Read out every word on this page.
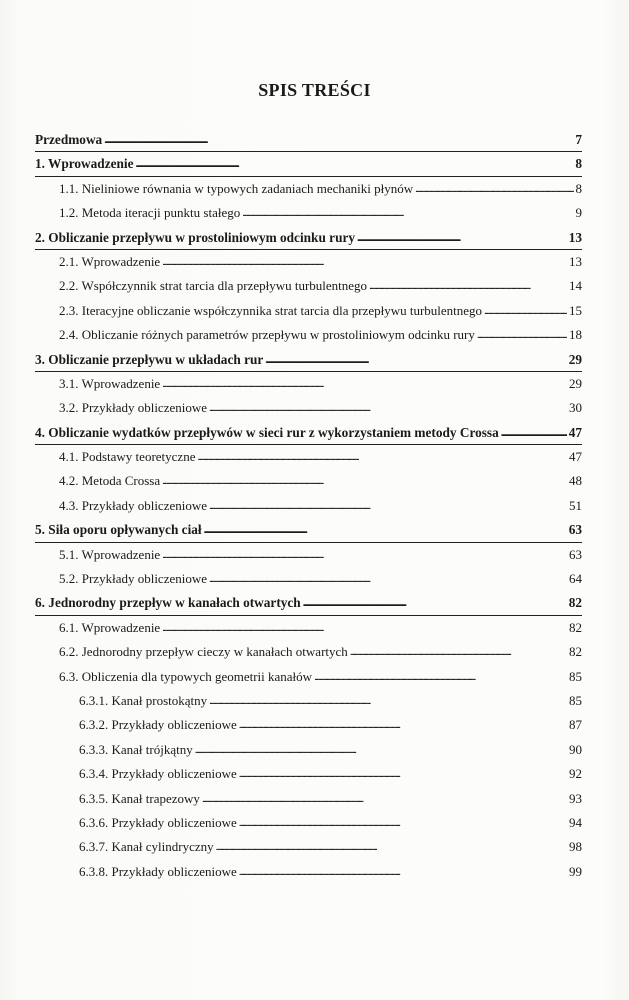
SPIS TREŚCI
Przedmowa . . .	7
1. Wprowadzenie . . .	8
1.1. Nieliniowe równania w typowych zadaniach mechaniki płynów . . .	8
1.2. Metoda iteracji punktu stałego . . .	9
2. Obliczanie przepływu w prostoliniowym odcinku rury . . .	13
2.1. Wprowadzenie . . .	13
2.2. Współczynnik strat tarcia dla przepływu turbulentnego . . .	14
2.3. Iteracyjne obliczanie współczynnika strat tarcia dla przepływu turbulentnego . . .	15
2.4. Obliczanie różnych parametrów przepływu w prostoliniowym odcinku rury . . .	18
3. Obliczanie przepływu w układach rur . . .	29
3.1. Wprowadzenie . . .	29
3.2. Przykłady obliczeniowe . . .	30
4. Obliczanie wydatków przepływów w sieci rur z wykorzystaniem metody Crossa . . .	47
4.1. Podstawy teoretyczne . . .	47
4.2. Metoda Crossa . . .	48
4.3. Przykłady obliczeniowe . . .	51
5. Siła oporu opływanych ciał . . .	63
5.1. Wprowadzenie . . .	63
5.2. Przykłady obliczeniowe . . .	64
6. Jednorodny przepływ w kanałach otwartych . . .	82
6.1. Wprowadzenie . . .	82
6.2. Jednorodny przepływ cieczy w kanałach otwartych . . .	82
6.3. Obliczenia dla typowych geometrii kanałów . . .	85
6.3.1. Kanał prostokątny . . .	85
6.3.2. Przykłady obliczeniowe . . .	87
6.3.3. Kanał trójkątny . . .	90
6.3.4. Przykłady obliczeniowe . . .	92
6.3.5. Kanał trapezowy . . .	93
6.3.6. Przykłady obliczeniowe . . .	94
6.3.7. Kanał cylindryczny . . .	98
6.3.8. Przykłady obliczeniowe . . .	99
